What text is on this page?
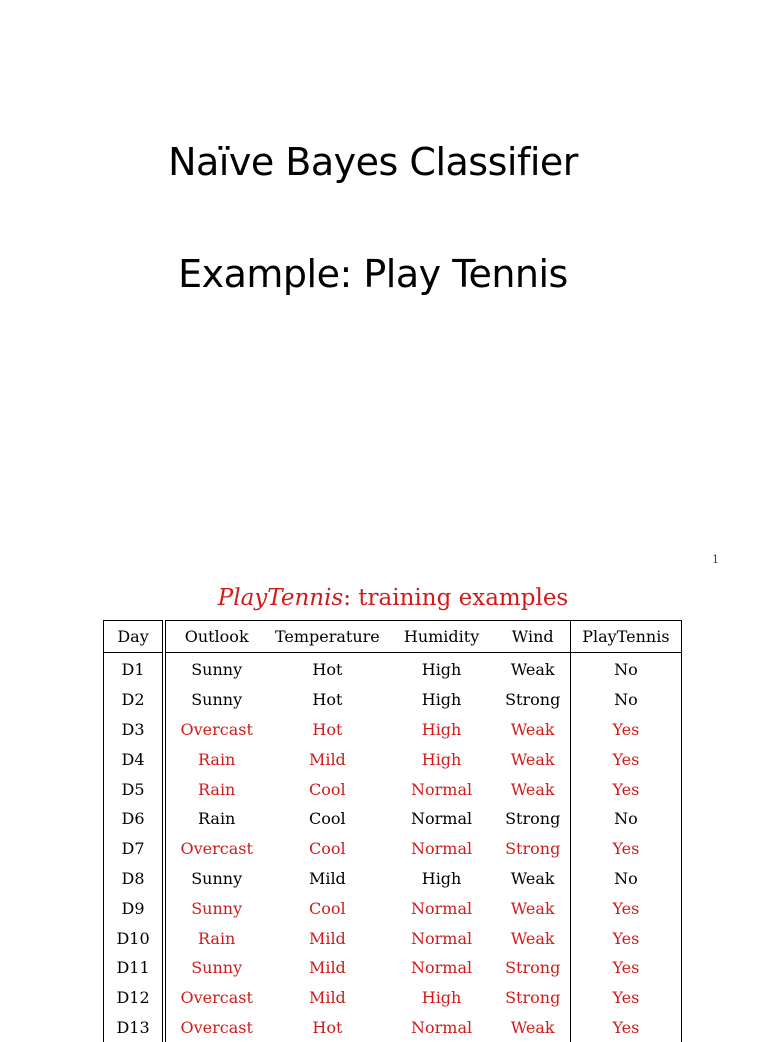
Naïve Bayes Classifier
Example: Play Tennis
1
PlayTennis: training examples
Day	Outlook	Temperature	Humidity	Wind	PlayTennis
D1	Sunny	Hot	High	Weak	No
D2	Sunny	Hot	High	Strong	No
D3	Overcast	Hot	High	Weak	Yes
D4	Rain	Mild	High	Weak	Yes
D5	Rain	Cool	Normal	Weak	Yes
D6	Rain	Cool	Normal	Strong	No
D7	Overcast	Cool	Normal	Strong	Yes
D8	Sunny	Mild	High	Weak	No
D9	Sunny	Cool	Normal	Weak	Yes
D10	Rain	Mild	Normal	Weak	Yes
D11	Sunny	Mild	Normal	Strong	Yes
D12	Overcast	Mild	High	Strong	Yes
D13	Overcast	Hot	Normal	Weak	Yes
